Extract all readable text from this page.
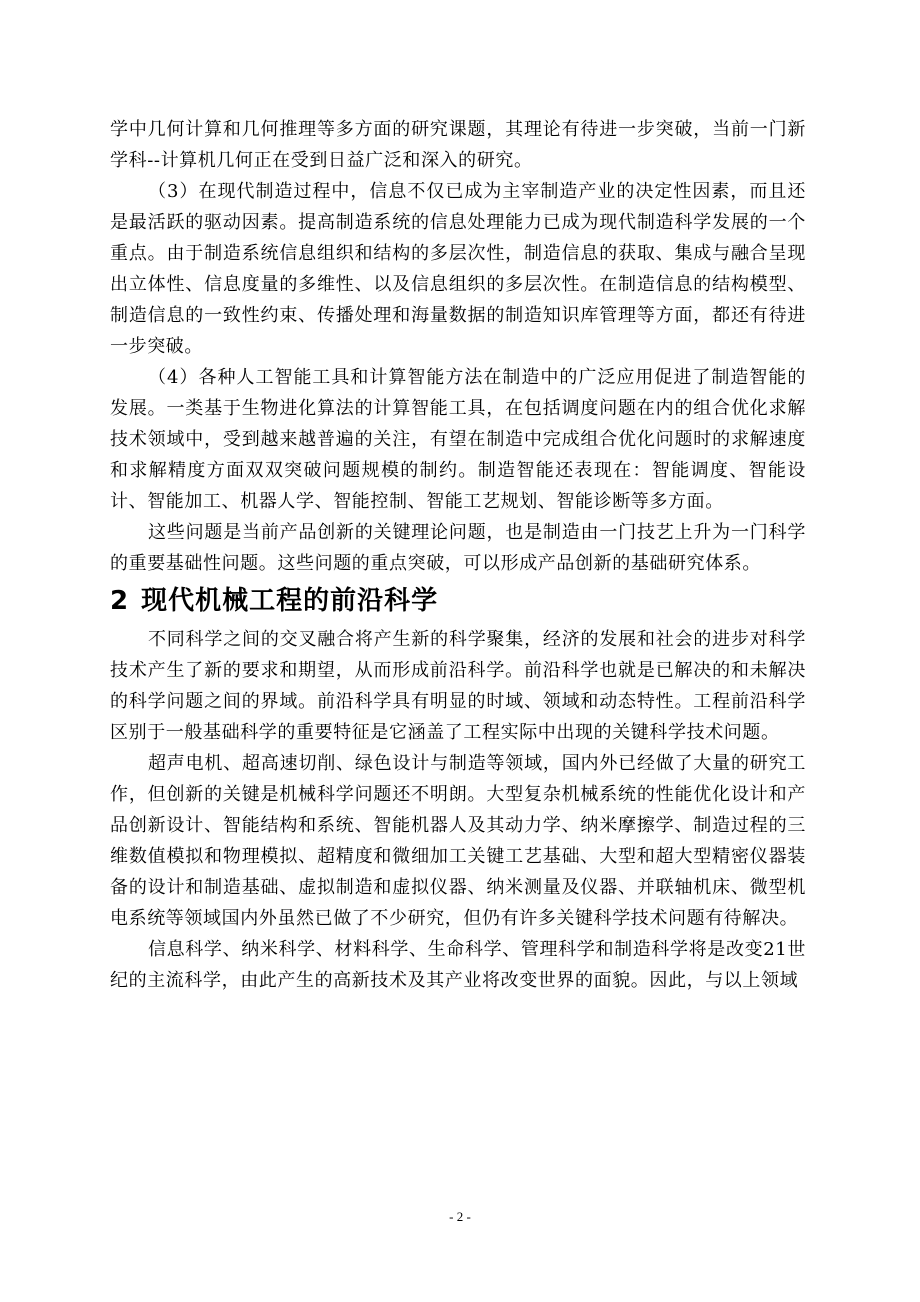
学中几何计算和几何推理等多方面的研究课题，其理论有待进一步突破，当前一门新学科--计算机几何正在受到日益广泛和深入的研究。

（3）在现代制造过程中，信息不仅已成为主宰制造产业的决定性因素，而且还是最活跃的驱动因素。提高制造系统的信息处理能力已成为现代制造科学发展的一个重点。由于制造系统信息组织和结构的多层次性，制造信息的获取、集成与融合呈现出立体性、信息度量的多维性、以及信息组织的多层次性。在制造信息的结构模型、制造信息的一致性约束、传播处理和海量数据的制造知识库管理等方面，都还有待进一步突破。

（4）各种人工智能工具和计算智能方法在制造中的广泛应用促进了制造智能的发展。一类基于生物进化算法的计算智能工具，在包括调度问题在内的组合优化求解技术领域中，受到越来越普遍的关注，有望在制造中完成组合优化问题时的求解速度和求解精度方面双双突破问题规模的制约。制造智能还表现在：智能调度、智能设计、智能加工、机器人学、智能控制、智能工艺规划、智能诊断等多方面。

这些问题是当前产品创新的关键理论问题，也是制造由一门技艺上升为一门科学的重要基础性问题。这些问题的重点突破，可以形成产品创新的基础研究体系。

2 现代机械工程的前沿科学

不同科学之间的交叉融合将产生新的科学聚集，经济的发展和社会的进步对科学技术产生了新的要求和期望，从而形成前沿科学。前沿科学也就是已解决的和未解决的科学问题之间的界域。前沿科学具有明显的时域、领域和动态特性。工程前沿科学区别于一般基础科学的重要特征是它涵盖了工程实际中出现的关键科学技术问题。

超声电机、超高速切削、绿色设计与制造等领域，国内外已经做了大量的研究工作，但创新的关键是机械科学问题还不明朗。大型复杂机械系统的性能优化设计和产品创新设计、智能结构和系统、智能机器人及其动力学、纳米摩擦学、制造过程的三维数值模拟和物理模拟、超精度和微细加工关键工艺基础、大型和超大型精密仪器装备的设计和制造基础、虚拟制造和虚拟仪器、纳米测量及仪器、并联轴机床、微型机电系统等领域国内外虽然已做了不少研究，但仍有许多关键科学技术问题有待解决。

信息科学、纳米科学、材料科学、生命科学、管理科学和制造科学将是改变21世纪的主流科学，由此产生的高新技术及其产业将改变世界的面貌。因此，与以上领域

- 2 -
